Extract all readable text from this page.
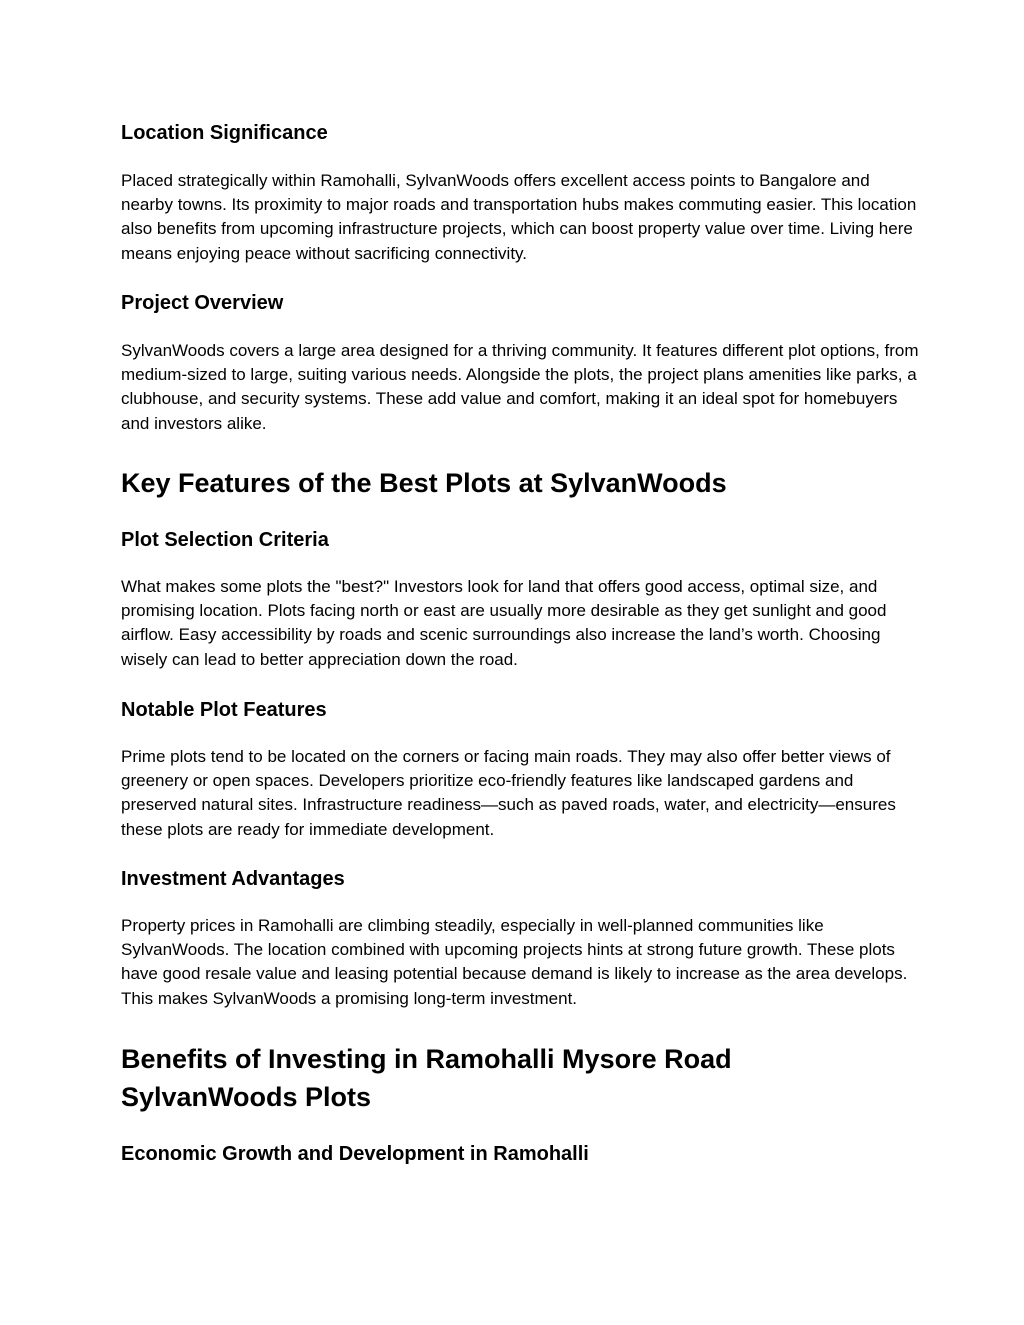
Location Significance

Placed strategically within Ramohalli, SylvanWoods offers excellent access points to Bangalore and nearby towns. Its proximity to major roads and transportation hubs makes commuting easier. This location also benefits from upcoming infrastructure projects, which can boost property value over time. Living here means enjoying peace without sacrificing connectivity.

Project Overview

SylvanWoods covers a large area designed for a thriving community. It features different plot options, from medium-sized to large, suiting various needs. Alongside the plots, the project plans amenities like parks, a clubhouse, and security systems. These add value and comfort, making it an ideal spot for homebuyers and investors alike.

Key Features of the Best Plots at SylvanWoods
Plot Selection Criteria

What makes some plots the "best?" Investors look for land that offers good access, optimal size, and promising location. Plots facing north or east are usually more desirable as they get sunlight and good airflow. Easy accessibility by roads and scenic surroundings also increase the land’s worth. Choosing wisely can lead to better appreciation down the road.

Notable Plot Features

Prime plots tend to be located on the corners or facing main roads. They may also offer better views of greenery or open spaces. Developers prioritize eco-friendly features like landscaped gardens and preserved natural sites. Infrastructure readiness—such as paved roads, water, and electricity—ensures these plots are ready for immediate development.

Investment Advantages

Property prices in Ramohalli are climbing steadily, especially in well-planned communities like SylvanWoods. The location combined with upcoming projects hints at strong future growth. These plots have good resale value and leasing potential because demand is likely to increase as the area develops. This makes SylvanWoods a promising long-term investment.

Benefits of Investing in Ramohalli Mysore Road SylvanWoods Plots
Economic Growth and Development in Ramohalli
